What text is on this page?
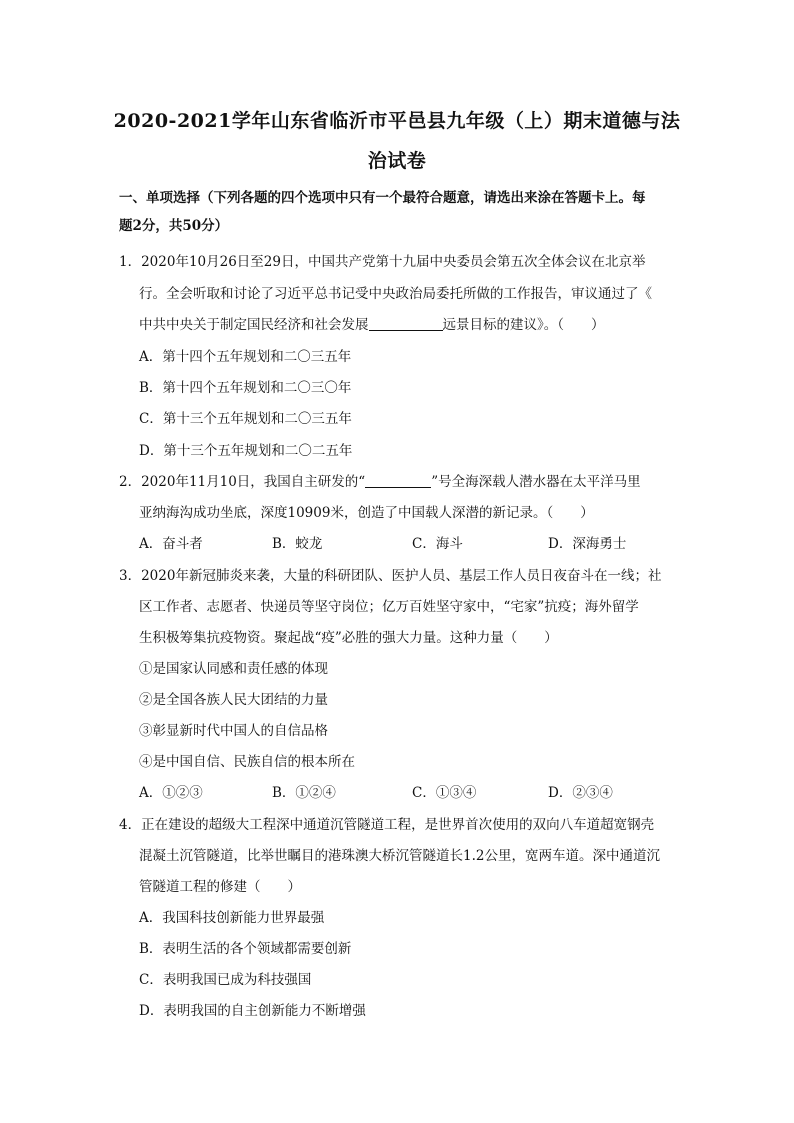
2020-2021学年山东省临沂市平邑县九年级（上）期末道德与法
治试卷
一、单项选择（下列各题的四个选项中只有一个最符合题意，请选出来涂在答题卡上。每
题2分，共50分）
1．2020年10月26日至29日，中国共产党第十九届中央委员会第五次全体会议在北京举
行。全会听取和讨论了习近平总书记受中央政治局委托所做的工作报告，审议通过了《
中共中央关于制定国民经济和社会发展	远景目标的建议》。（　　）
A．第十四个五年规划和二〇三五年
B．第十四个五年规划和二〇三〇年
C．第十三个五年规划和二〇三五年
D．第十三个五年规划和二〇二五年
2．2020年11月10日，我国自主研发的“	”号全海深载人潜水器在太平洋马里
亚纳海沟成功坐底，深度10909米，创造了中国载人深潜的新记录。（　　）
A．奋斗者	B．蛟龙	C．海斗	D．深海勇士
3．2020年新冠肺炎来袭，大量的科研团队、医护人员、基层工作人员日夜奋斗在一线；社
区工作者、志愿者、快递员等坚守岗位；亿万百姓坚守家中，“宅家”抗疫；海外留学
生积极筹集抗疫物资。聚起战“疫”必胜的强大力量。这种力量（　　）
①是国家认同感和责任感的体现
②是全国各族人民大团结的力量
③彰显新时代中国人的自信品格
④是中国自信、民族自信的根本所在
A．①②③	B．①②④	C．①③④	D．②③④
4．正在建设的超级大工程深中通道沉管隧道工程，是世界首次使用的双向八车道超宽钢壳
混凝土沉管隧道，比举世瞩目的港珠澳大桥沉管隧道长1.2公里，宽两车道。深中通道沉
管隧道工程的修建（　　）
A．我国科技创新能力世界最强
B．表明生活的各个领域都需要创新
C．表明我国已成为科技强国
D．表明我国的自主创新能力不断增强
